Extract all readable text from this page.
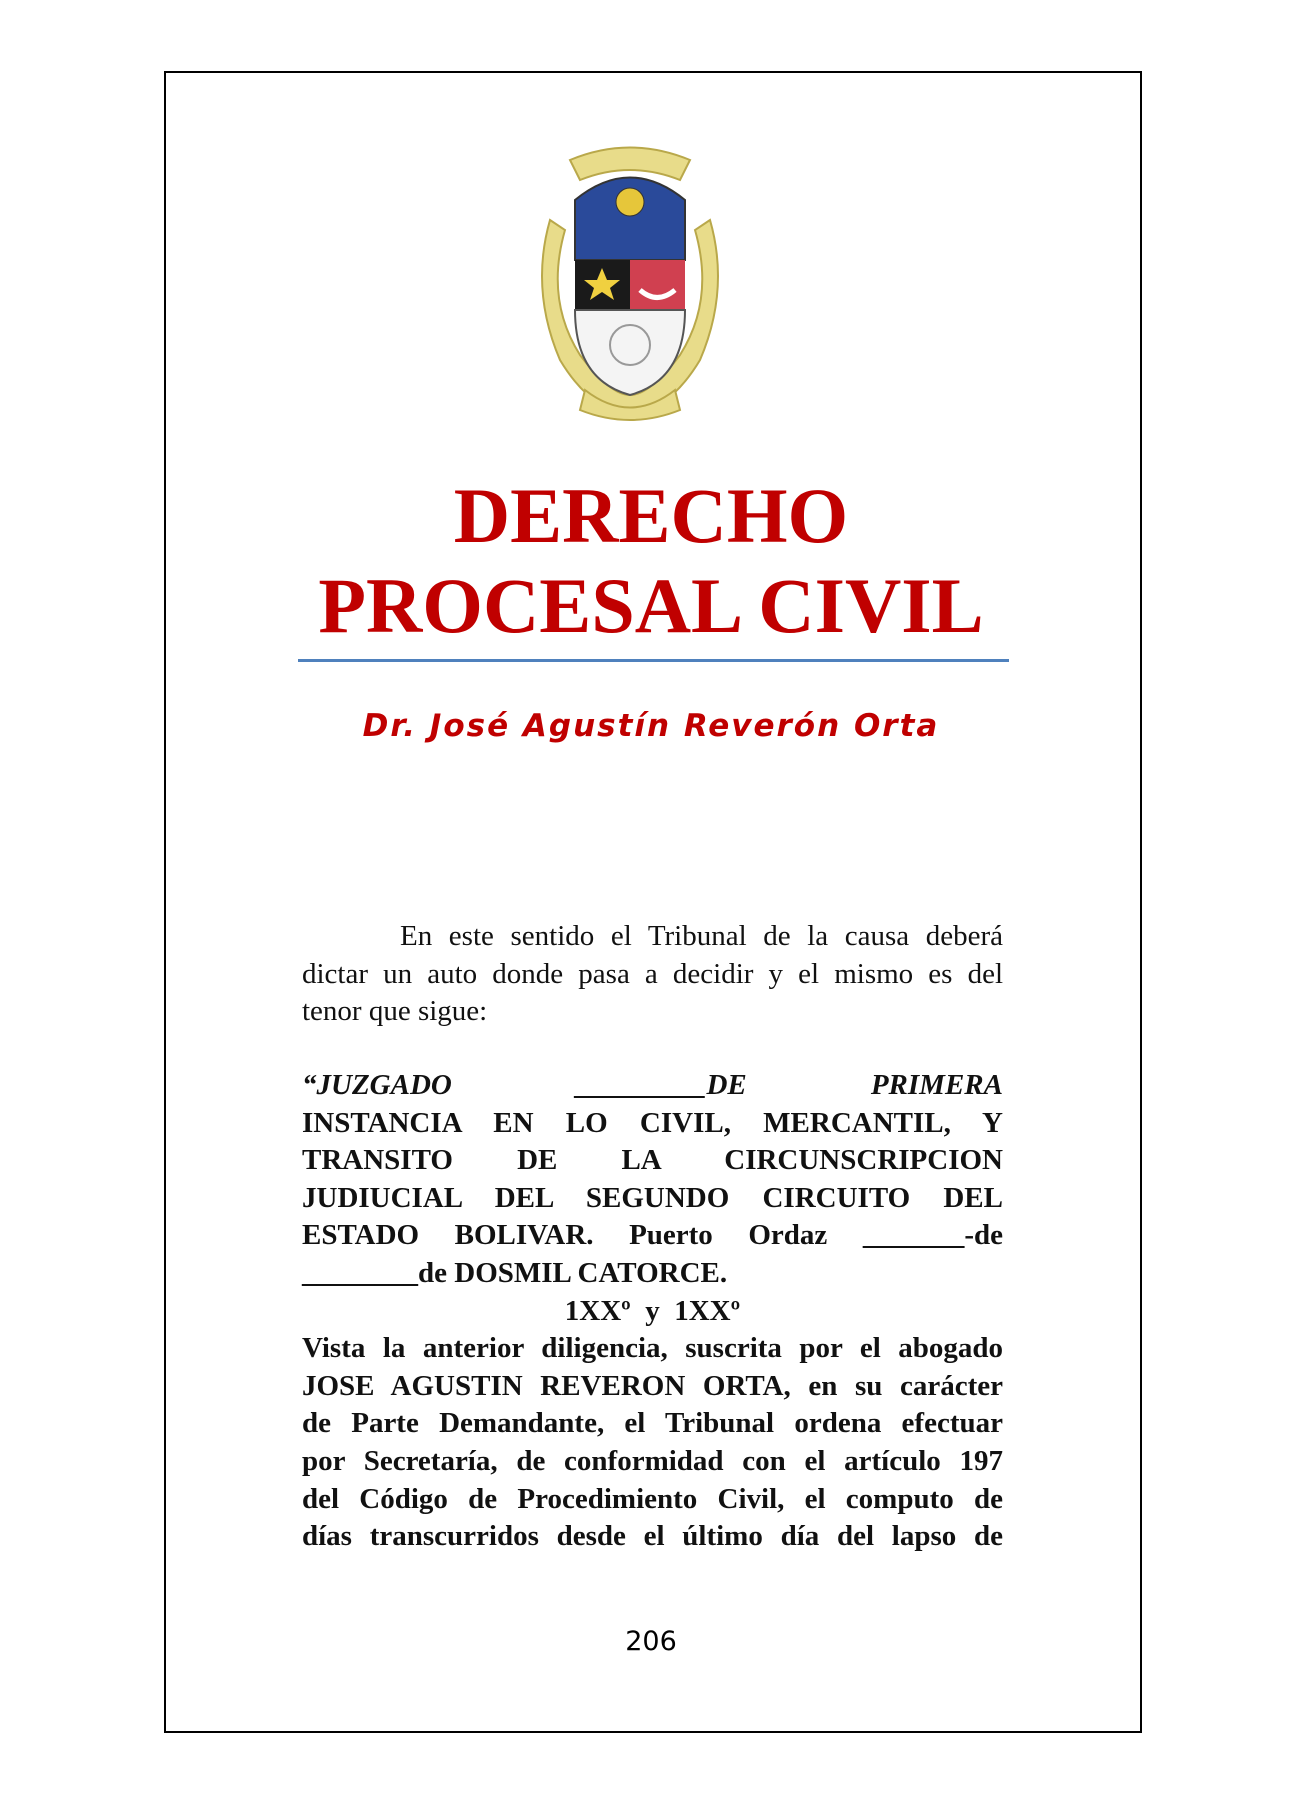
DERECHO
PROCESAL CIVIL
Dr. José Agustín Reverón Orta
En este sentido el Tribunal de la causa deberá
dictar un auto donde pasa a decidir y el mismo es del
tenor que sigue:
“JUZGADO	_________DE	PRIMERA
INSTANCIA EN LO CIVIL, MERCANTIL, Y
TRANSITO DE LA CIRCUNSCRIPCION
JUDIUCIAL DEL SEGUNDO CIRCUITO DEL
ESTADO BOLIVAR. Puerto Ordaz _______-de
________de DOSMIL CATORCE.
1XXº  y  1XXº
Vista la anterior diligencia, suscrita por el abogado
JOSE AGUSTIN REVERON ORTA, en su carácter
de Parte Demandante, el Tribunal ordena efectuar
por Secretaría, de conformidad con el artículo 197
del Código de Procedimiento Civil, el computo de
días transcurridos desde el último día del lapso de
206
